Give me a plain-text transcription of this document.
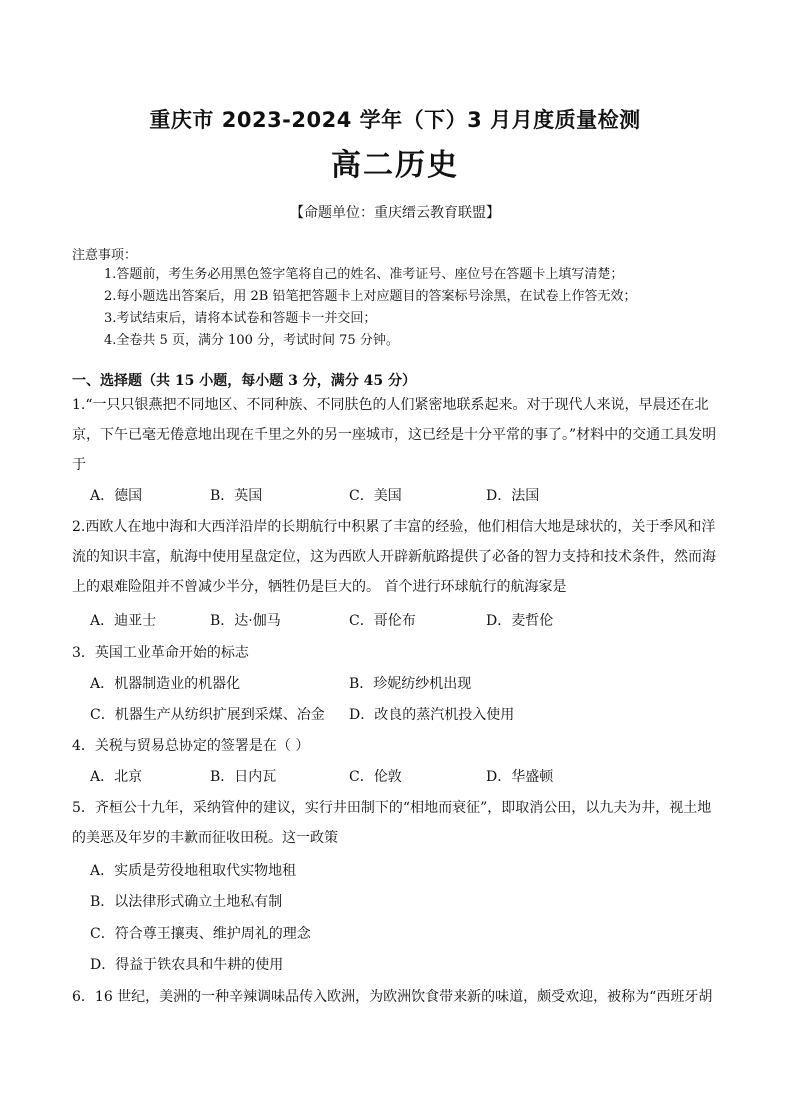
重庆市 2023-2024 学年（下）3 月月度质量检测
高二历史
【命题单位：重庆缙云教育联盟】
注意事项：
1.答题前，考生务必用黑色签字笔将自己的姓名、准考证号、座位号在答题卡上填写清楚；
2.每小题选出答案后，用 2B 铅笔把答题卡上对应题目的答案标号涂黑，在试卷上作答无效；
3.考试结束后，请将本试卷和答题卡一并交回；
4.全卷共 5 页，满分 100 分，考试时间 75 分钟。
一、选择题（共 15 小题，每小题 3 分，满分 45 分）

1.“一只只银燕把不同地区、不同种族、不同肤色的人们紧密地联系起来。对于现代人来说，早晨还在北京，下午已毫无倦意地出现在千里之外的另一座城市，这已经是十分平常的事了。”材料中的交通工具发明于

A．德国	B．英国	C．美国	D．法国

2.西欧人在地中海和大西洋沿岸的长期航行中积累了丰富的经验，他们相信大地是球状的，关于季风和洋流的知识丰富，航海中使用星盘定位，这为西欧人开辟新航路提供了必备的智力支持和技术条件，然而海上的艰难险阻并不曾减少半分，牺牲仍是巨大的。 首个进行环球航行的航海家是

A．迪亚士	B．达·伽马	C．哥伦布	D．麦哲伦

3．英国工业革命开始的标志

A．机器制造业的机器化	B．珍妮纺纱机出现
C．机器生产从纺织扩展到采煤、冶金 D．改良的蒸汽机投入使用

4．关税与贸易总协定的签署是在（ ）

A．北京	B．日内瓦	C．伦敦	D．华盛顿

5．齐桓公十九年，采纳管仲的建议，实行井田制下的“相地而衰征”，即取消公田，以九夫为井，视土地的美恶及年岁的丰歉而征收田税。这一政策

A．实质是劳役地租取代实物地租
B．以法律形式确立土地私有制
C．符合尊王攘夷、维护周礼的理念
D．得益于铁农具和牛耕的使用

6．16 世纪，美洲的一种辛辣调味品传入欧洲，为欧洲饮食带来新的味道，颇受欢迎，被称为“西班牙胡
